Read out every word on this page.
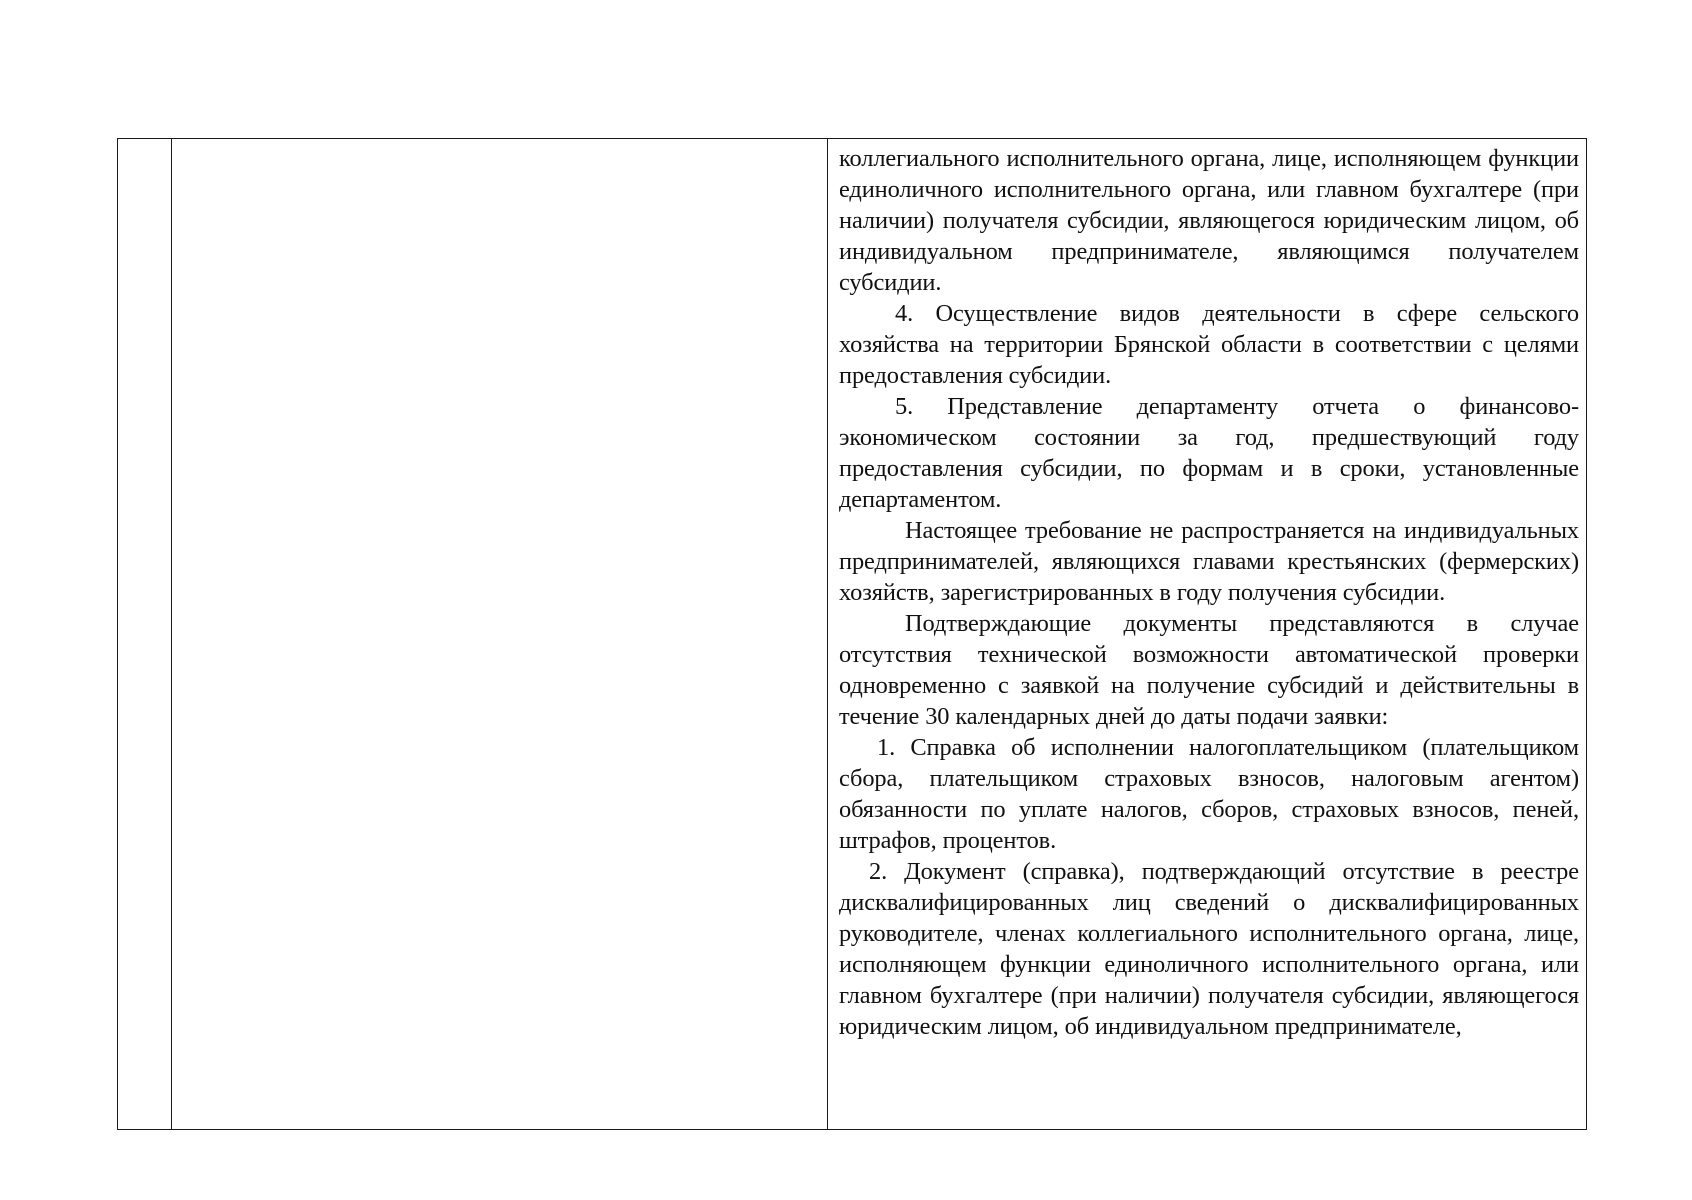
коллегиального исполнительного органа, лице, исполняющем функции единоличного исполнительного органа, или главном бухгалтере (при наличии) получателя субсидии, являющегося юридическим лицом, об индивидуальном предпринимателе, являющимся получателем субсидии.

4. Осуществление видов деятельности в сфере сельского хозяйства на территории Брянской области в соответствии с целями предоставления субсидии.

5. Представление департаменту отчета о финансово-экономическом состоянии за год, предшествующий году предоставления субсидии, по формам и в сроки, установленные департаментом.

Настоящее требование не распространяется на индивидуальных предпринимателей, являющихся главами крестьянских (фермерских) хозяйств, зарегистрированных в году получения субсидии.

Подтверждающие документы представляются в случае отсутствия технической возможности автоматической проверки одновременно с заявкой на получение субсидий и действительны в течение 30 календарных дней до даты подачи заявки:

1. Справка об исполнении налогоплательщиком (плательщиком сбора, плательщиком страховых взносов, налоговым агентом) обязанности по уплате налогов, сборов, страховых взносов, пеней, штрафов, процентов.

2. Документ (справка), подтверждающий отсутствие в реестре дисквалифицированных лиц сведений о дисквалифицированных руководителе, членах коллегиального исполнительного органа, лице, исполняющем функции единоличного исполнительного органа, или главном бухгалтере (при наличии) получателя субсидии, являющегося юридическим лицом, об индивидуальном предпринимателе,
